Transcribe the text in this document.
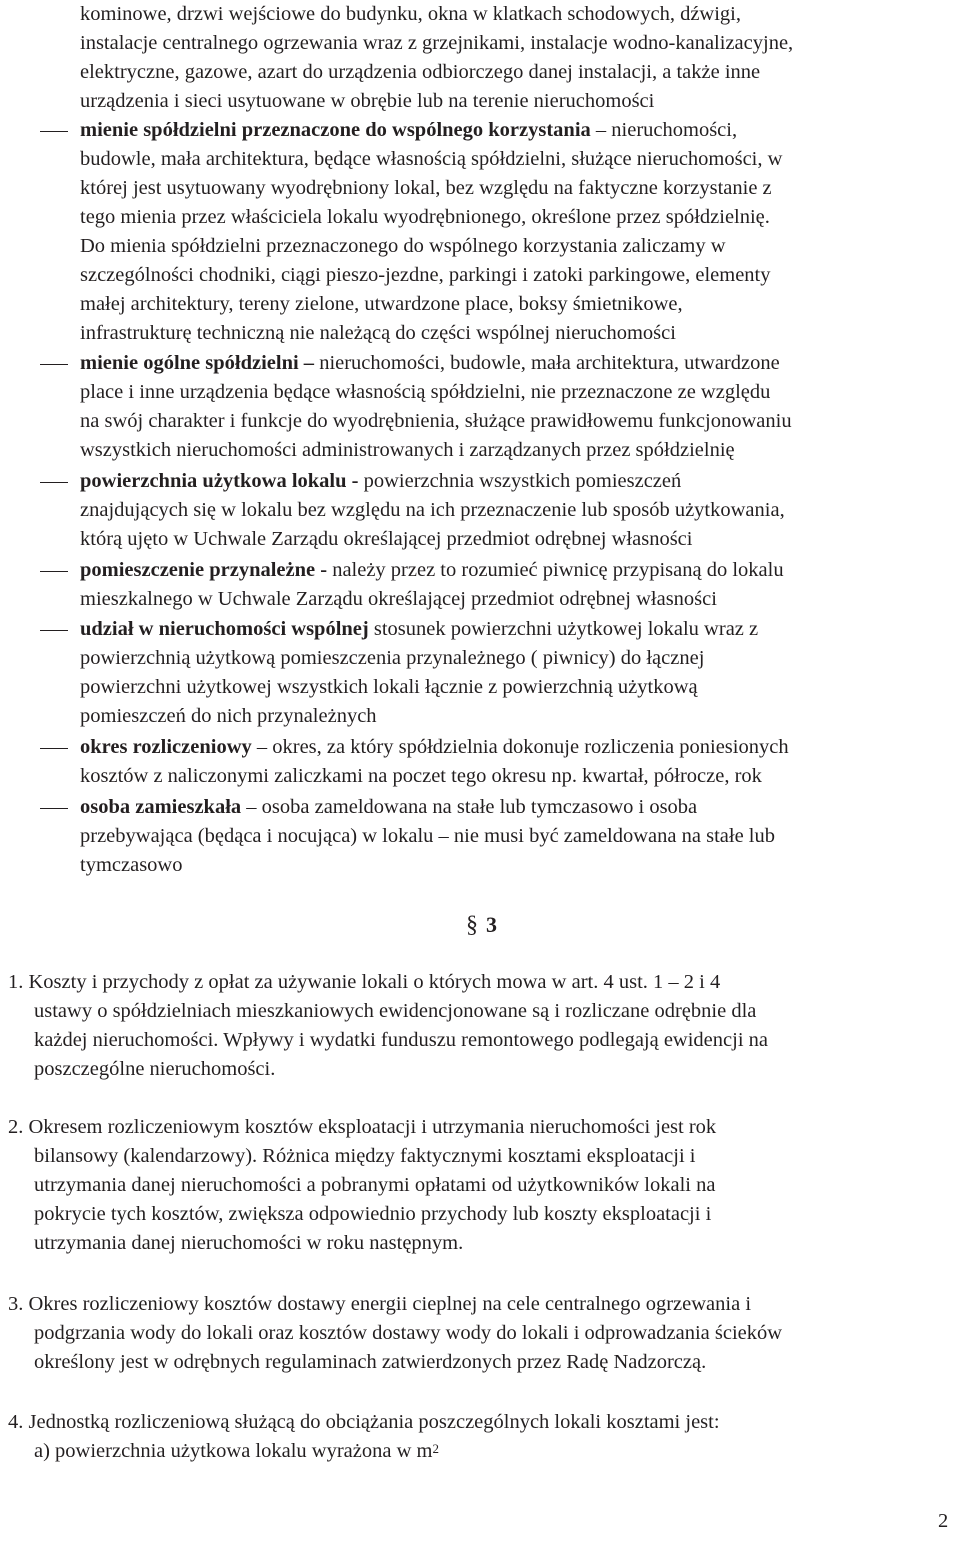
kominowe, drzwi wejściowe do budynku, okna w klatkach schodowych, dźwigi,
instalacje centralnego ogrzewania wraz z grzejnikami, instalacje wodno-kanalizacyjne,
elektryczne, gazowe, azart do urządzenia odbiorczego danej instalacji, a także inne
urządzenia i sieci usytuowane w obrębie lub na terenie nieruchomości
mienie spółdzielni przeznaczone do wspólnego korzystania – nieruchomości,
budowle, mała architektura, będące własnością spółdzielni, służące nieruchomości, w
której jest usytuowany wyodrębniony lokal, bez względu na faktyczne korzystanie z
tego mienia przez właściciela lokalu wyodrębnionego, określone przez spółdzielnię.
Do mienia spółdzielni przeznaczonego do wspólnego korzystania zaliczamy w
szczególności chodniki, ciągi pieszo-jezdne, parkingi i zatoki parkingowe, elementy
małej architektury, tereny zielone, utwardzone place, boksy śmietnikowe,
infrastrukturę techniczną nie należącą do części wspólnej nieruchomości
mienie ogólne spółdzielni – nieruchomości, budowle, mała architektura, utwardzone
place i inne urządzenia będące własnością spółdzielni, nie przeznaczone ze względu
na swój charakter i funkcje do wyodrębnienia, służące prawidłowemu funkcjonowaniu
wszystkich nieruchomości administrowanych i zarządzanych przez spółdzielnię
powierzchnia użytkowa lokalu - powierzchnia wszystkich pomieszczeń
znajdujących się w lokalu bez względu na ich przeznaczenie lub sposób użytkowania,
którą ujęto w Uchwale Zarządu określającej przedmiot odrębnej własności
pomieszczenie przynależne - należy przez to rozumieć piwnicę przypisaną do lokalu
mieszkalnego w Uchwale Zarządu określającej przedmiot odrębnej własności
udział w nieruchomości wspólnej stosunek powierzchni użytkowej lokalu wraz z
powierzchnią użytkową pomieszczenia przynależnego ( piwnicy) do łącznej
powierzchni użytkowej wszystkich lokali łącznie z powierzchnią użytkową
pomieszczeń do nich przynależnych
okres rozliczeniowy – okres, za który spółdzielnia dokonuje rozliczenia poniesionych
kosztów z naliczonymi zaliczkami na poczet tego okresu np. kwartał, półrocze, rok
osoba zamieszkała – osoba zameldowana na stałe lub tymczasowo i osoba
przebywająca (będąca i nocująca) w lokalu – nie musi być zameldowana na stałe lub
tymczasowo
§ 3
1. Koszty i przychody z opłat za używanie lokali o których mowa w art. 4 ust. 1 – 2 i 4
ustawy o spółdzielniach mieszkaniowych ewidencjonowane są i rozliczane odrębnie dla
każdej nieruchomości. Wpływy i wydatki funduszu remontowego podlegają ewidencji na
poszczególne nieruchomości.
2. Okresem rozliczeniowym kosztów eksploatacji i utrzymania nieruchomości jest rok
bilansowy (kalendarzowy). Różnica między faktycznymi kosztami eksploatacji i
utrzymania danej nieruchomości a pobranymi opłatami od użytkowników lokali na
pokrycie tych kosztów, zwiększa odpowiednio przychody lub koszty eksploatacji i
utrzymania danej nieruchomości w roku następnym.
3. Okres rozliczeniowy kosztów dostawy energii cieplnej na cele centralnego ogrzewania i
podgrzania wody do lokali oraz kosztów dostawy wody do lokali i odprowadzania ścieków
określony jest w odrębnych regulaminach zatwierdzonych przez Radę Nadzorczą.
4. Jednostką rozliczeniową służącą do obciążania poszczególnych lokali kosztami jest:
a) powierzchnia użytkowa lokalu wyrażona w $m^2$
2
